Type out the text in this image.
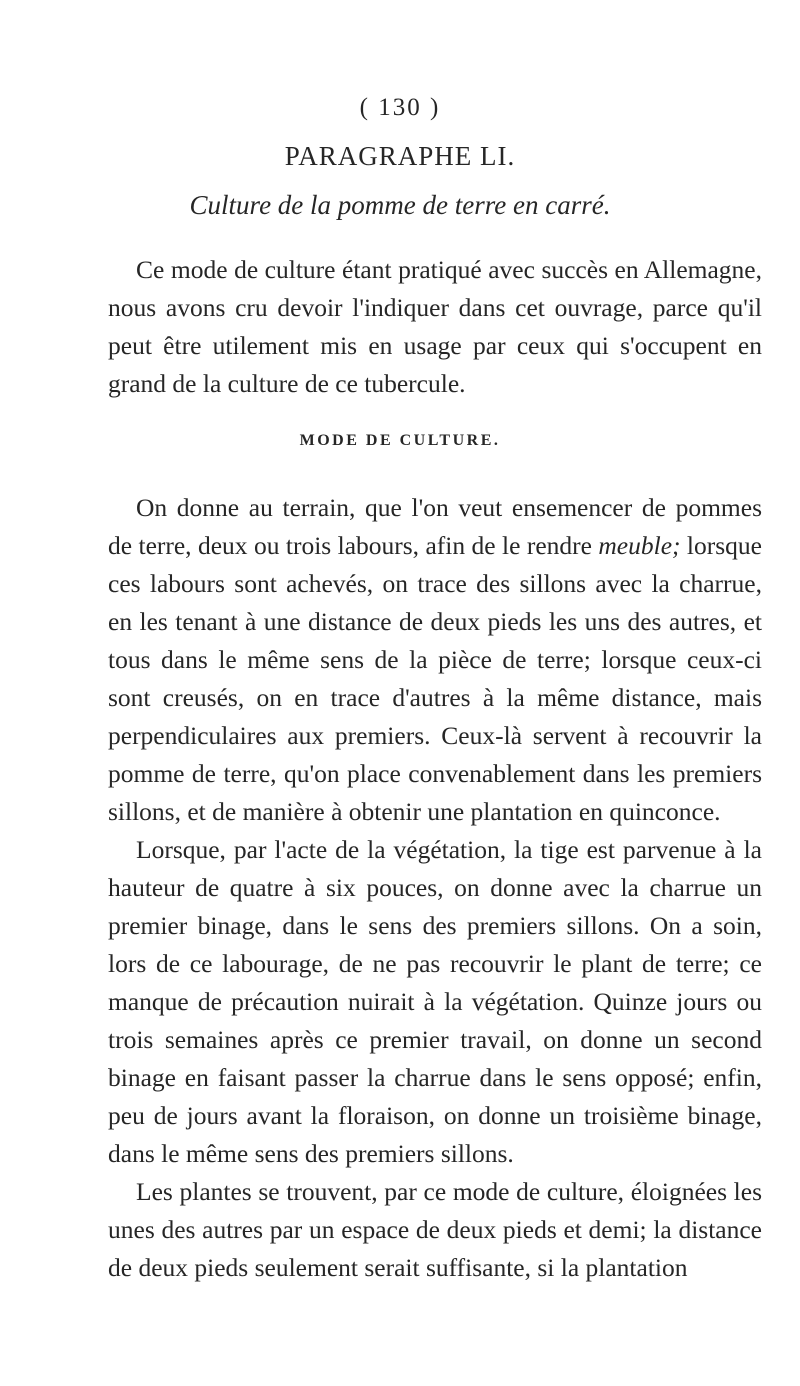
( 130 )
PARAGRAPHE LI.
Culture de la pomme de terre en carré.

Ce mode de culture étant pratiqué avec succès en Allemagne, nous avons cru devoir l'indiquer dans cet ouvrage, parce qu'il peut être utilement mis en usage par ceux qui s'occupent en grand de la culture de ce tubercule.

MODE DE CULTURE.

On donne au terrain, que l'on veut ensemencer de pommes de terre, deux ou trois labours, afin de le rendre meuble; lorsque ces labours sont achevés, on trace des sillons avec la charrue, en les tenant à une distance de deux pieds les uns des autres, et tous dans le même sens de la pièce de terre; lorsque ceux-ci sont creusés, on en trace d'autres à la même distance, mais perpendiculaires aux premiers. Ceux-là servent à recouvrir la pomme de terre, qu'on place convenablement dans les premiers sillons, et de manière à obtenir une plantation en quinconce.

Lorsque, par l'acte de la végétation, la tige est parvenue à la hauteur de quatre à six pouces, on donne avec la charrue un premier binage, dans le sens des premiers sillons. On a soin, lors de ce labourage, de ne pas recouvrir le plant de terre; ce manque de précaution nuirait à la végétation. Quinze jours ou trois semaines après ce premier travail, on donne un second binage en faisant passer la charrue dans le sens opposé; enfin, peu de jours avant la floraison, on donne un troisième binage, dans le même sens des premiers sillons.

Les plantes se trouvent, par ce mode de culture, éloignées les unes des autres par un espace de deux pieds et demi; la distance de deux pieds seulement serait suffisante, si la plantation
